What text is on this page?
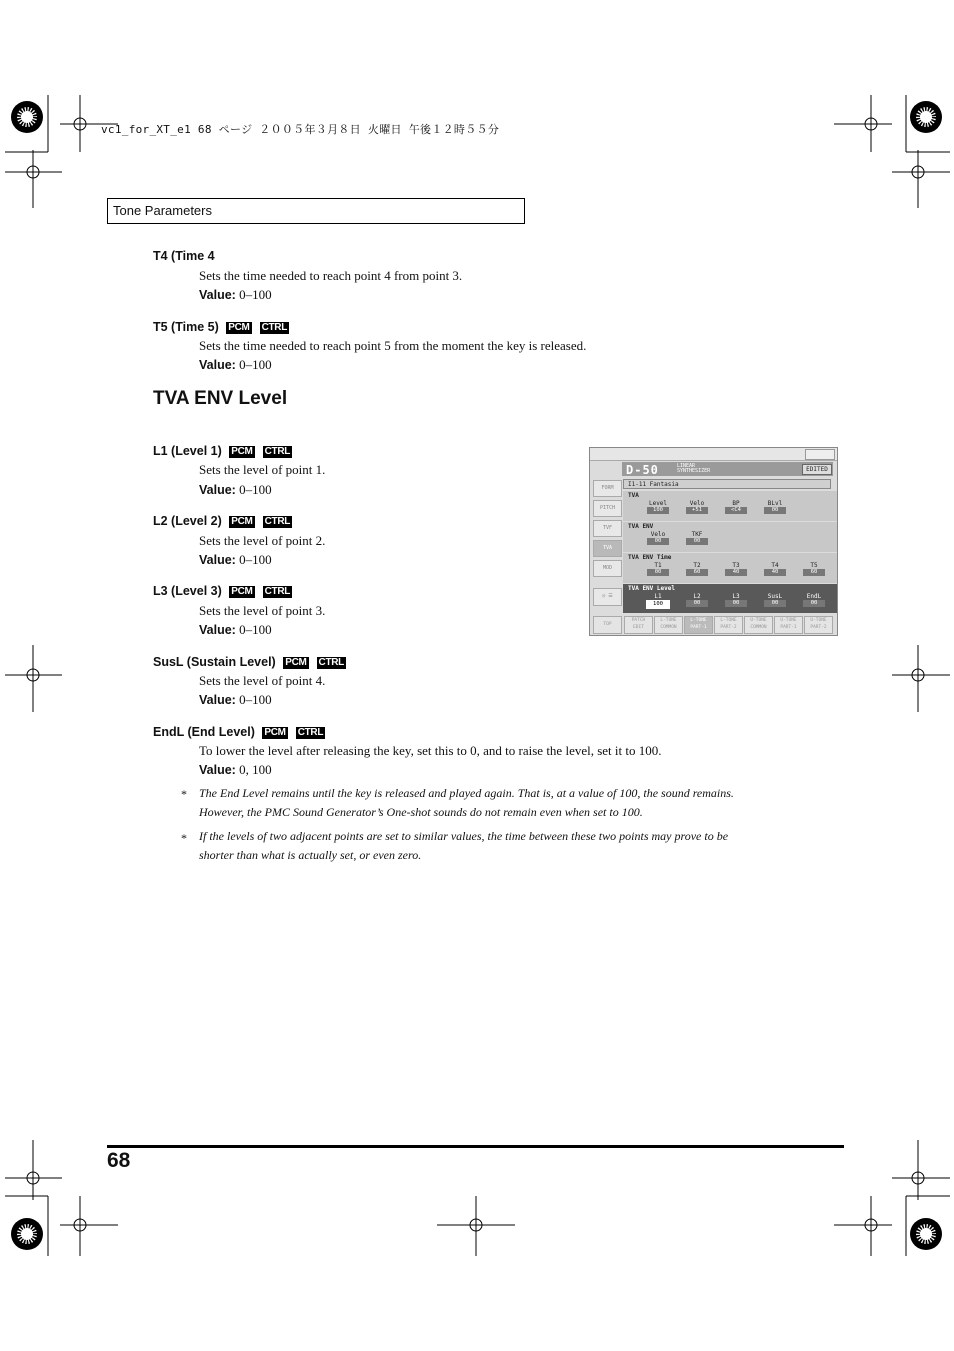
vc1_for_XT_e1 68 ページ ２００５年３月８日 火曜日 午後１２時５５分
Tone Parameters
T4 (Time 4
Sets the time needed to reach point 4 from point 3.
Value: 0–100
T5 (Time 5) PCM CTRL
Sets the time needed to reach point 5 from the moment the key is released.
Value: 0–100
TVA ENV Level
L1 (Level 1) PCM CTRL
Sets the level of point 1.
Value: 0–100
L2 (Level 2) PCM CTRL
Sets the level of point 2.
Value: 0–100
L3 (Level 3) PCM CTRL
Sets the level of point 3.
Value: 0–100
SusL (Sustain Level) PCM CTRL
Sets the level of point 4.
Value: 0–100
EndL (End Level) PCM CTRL
To lower the level after releasing the key, set this to 0, and to raise the level, set it to 100.
Value: 0, 100
* The End Level remains until the key is released and played again. That is, at a value of 100, the sound remains.
However, the PMC Sound Generator’s One-shot sounds do not remain even when set to 100.
* If the levels of two adjacent points are set to similar values, the time between these two points may prove to be
shorter than what is actually set, or even zero.
D-50	LINEAR
SYNTHESIZER	EDITED
I1-11 Fantasia
FORM
PITCH
TVF
TVA
MOD
◎ ☰
TVA
Level
100
Velo
+51
BP
<C4
BLvl
00
TVA ENV
Velo
00
TKF
00
TVA ENV Time
T1
00
T2
60
T3
40
T4
40
T5
60
TVA ENV Level
L1
100
L2
00
L3
00
SusL
00
EndL
00
TOP
PATCH
EDIT
L-TONE
COMMON
L-TONE
PART-1
L-TONE
PART-2
U-TONE
COMMON
U-TONE
PART-1
U-TONE
PART-2
68
